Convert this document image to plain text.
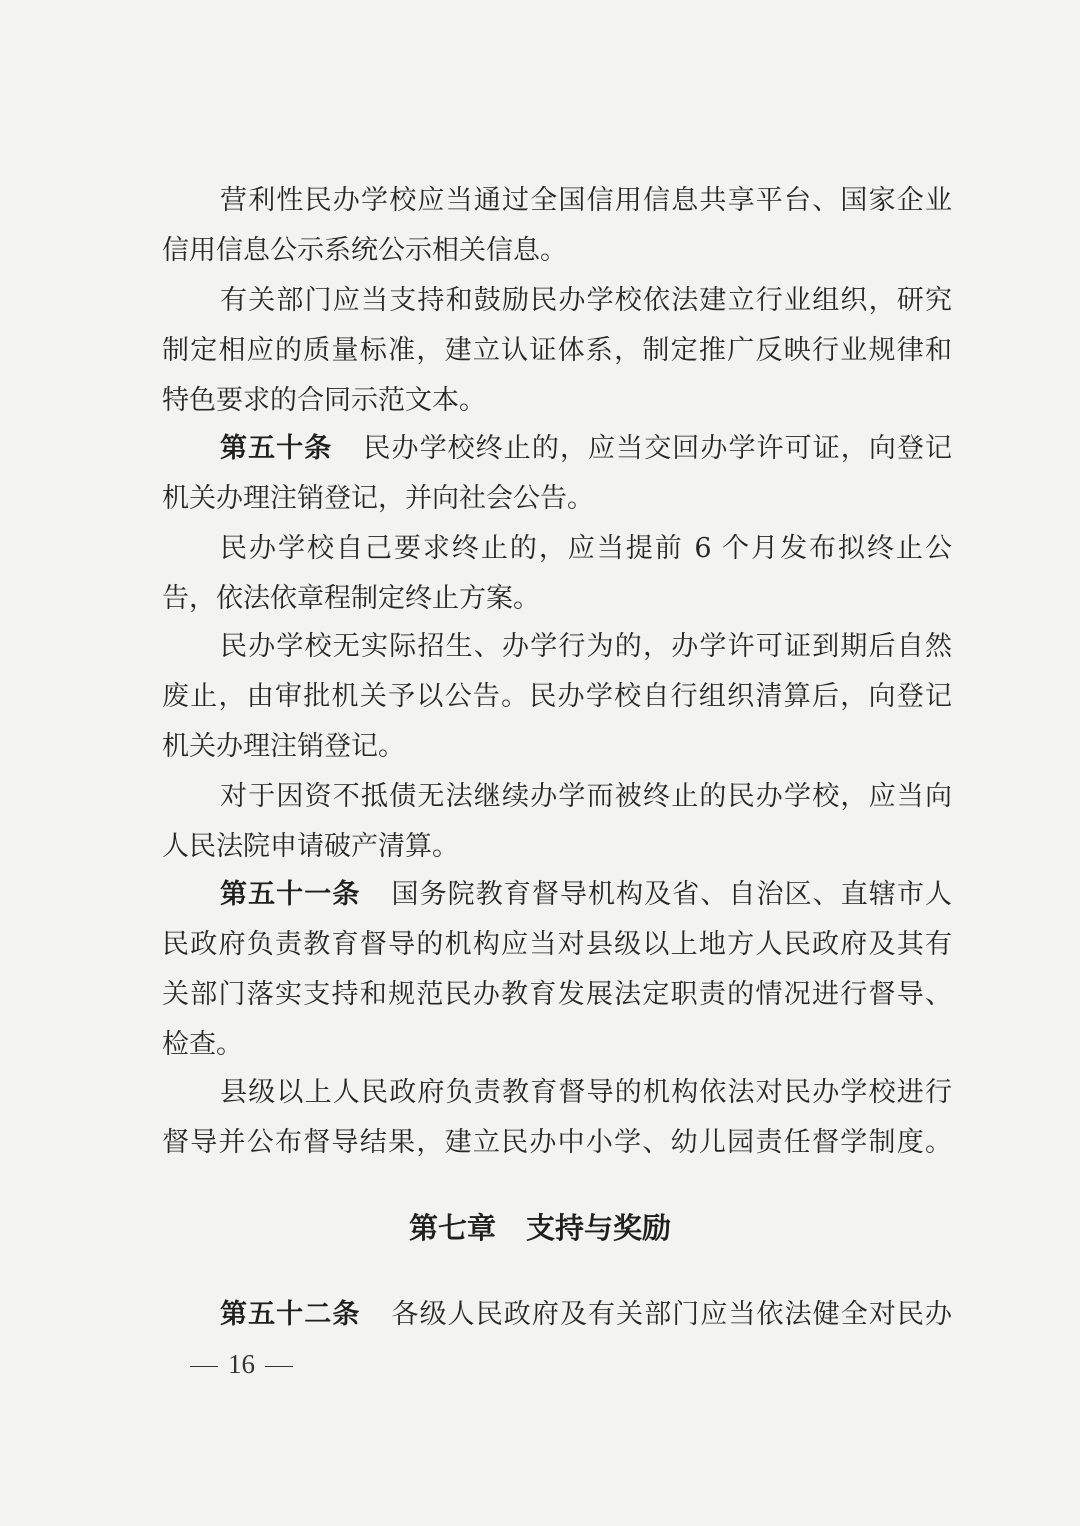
营利性民办学校应当通过全国信用信息共享平台、国家企业
信用信息公示系统公示相关信息。
有关部门应当支持和鼓励民办学校依法建立行业组织，研究
制定相应的质量标准，建立认证体系，制定推广反映行业规律和
特色要求的合同示范文本。
第五十条 民办学校终止的，应当交回办学许可证，向登记
机关办理注销登记，并向社会公告。
民办学校自己要求终止的，应当提前 6 个月发布拟终止公
告，依法依章程制定终止方案。
民办学校无实际招生、办学行为的，办学许可证到期后自然
废止，由审批机关予以公告。民办学校自行组织清算后，向登记
机关办理注销登记。
对于因资不抵债无法继续办学而被终止的民办学校，应当向
人民法院申请破产清算。
第五十一条 国务院教育督导机构及省、自治区、直辖市人
民政府负责教育督导的机构应当对县级以上地方人民政府及其有
关部门落实支持和规范民办教育发展法定职责的情况进行督导、
检查。
县级以上人民政府负责教育督导的机构依法对民办学校进行
督导并公布督导结果，建立民办中小学、幼儿园责任督学制度。
第七章 支持与奖励
第五十二条 各级人民政府及有关部门应当依法健全对民办
16
